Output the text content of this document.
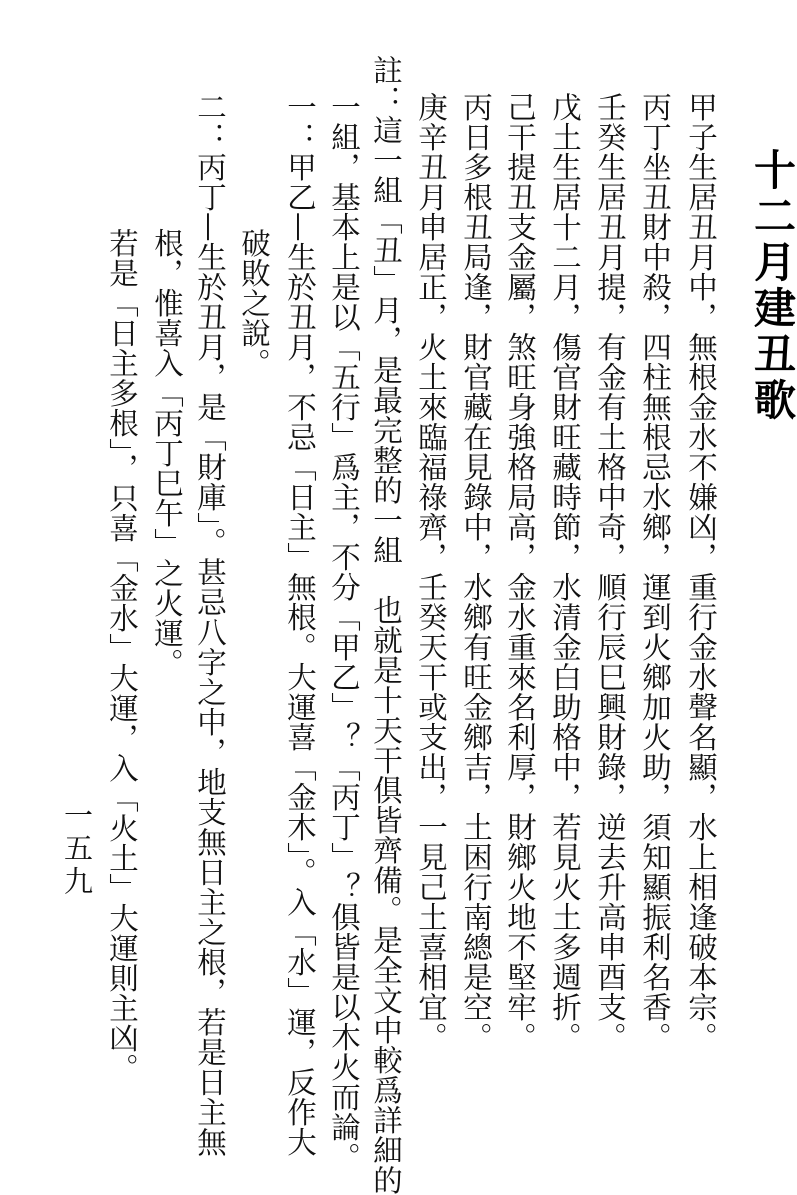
十二月建丑歌
甲子生居丑月中，無根金水不嫌凶，重行金水聲名顯，水上相逢破本宗。
丙丁坐丑財中殺，四柱無根忌水鄉，運到火鄉加火助，須知顯振利名香。
壬癸生居丑月提，有金有土格中奇，順行辰巳興財錄，逆去升高申酉支。
戊土生居十二月，傷官財旺藏時節，水清金白助格中，若見火土多週折。
己干提丑支金屬，煞旺身強格局高，金水重來名利厚，財鄉火地不堅牢。
丙日多根丑局逢，財官藏在見錄中，水鄉有旺金鄉吉，土困行南總是空。
庚辛丑月申居正，火土來臨福祿齊，壬癸天干或支出，一見己土喜相宜。
註：這一組「丑」月，是最完整的一組　也就是十天干俱皆齊備。是全文中較爲詳細的
一組，基本上是以「五行」爲主，不分「甲乙」？「丙丁」？俱皆是以木火而論。
一：甲乙—生於丑月，不忌「日主」無根。大運喜「金木」。入「水」運，反作大
破敗之說。
二：丙丁—生於丑月，是「財庫」。甚忌八字之中，地支無日主之根，若是日主無
根，惟喜入「丙丁巳午」之火運。
若是「日主多根」，只喜「金水」大運，入「火土」大運則主凶。
一五九
